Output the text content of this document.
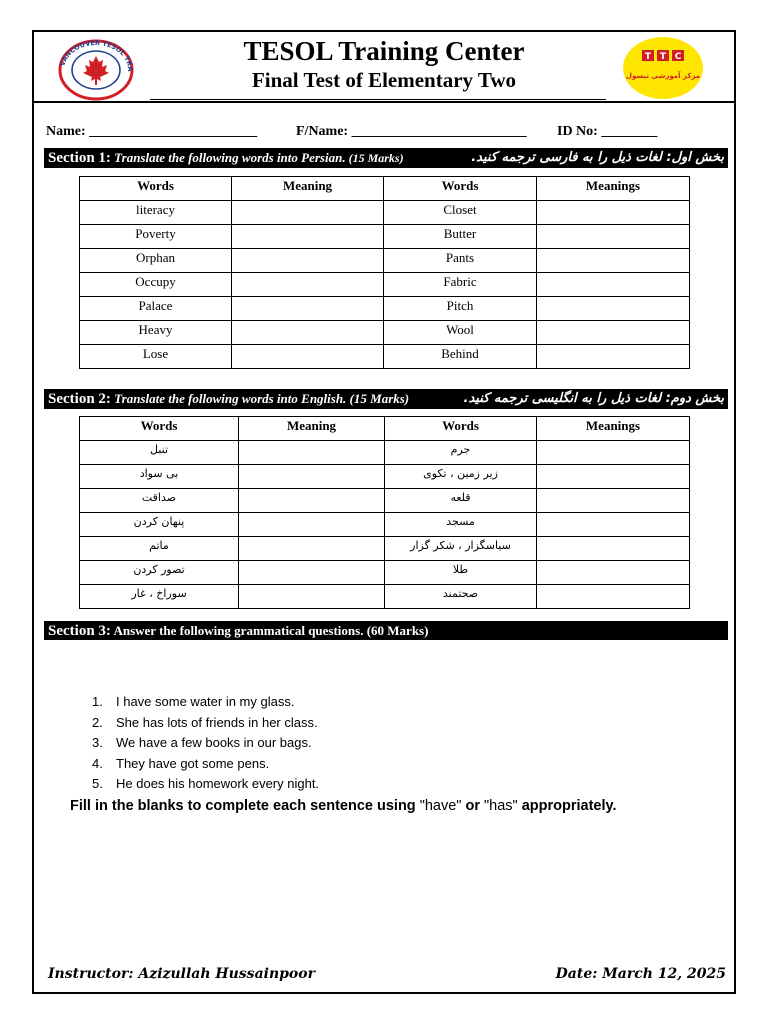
VANCOUVER TESOL TRA
T T C
مرکز آموزشی تیسول
TESOL Training Center
Final Test of Elementary Two
Name: ________________________	F/Name: _________________________ ID No: ________
Section 1: Translate the following words into Persian. (15 Marks)	بخش اول: لغات ذیل را به فارسی ترجمه کنید.
Words	Meaning	Words	Meanings
literacy		Closet	
Poverty		Butter	
Orphan		Pants	
Occupy		Fabric	
Palace		Pitch	
Heavy		Wool	
Lose		Behind	
Section 2: Translate the following words into English. (15 Marks)	بخش دوم: لغات ذیل را به انگلیسی ترجمه کنید.
Words	Meaning	Words	Meanings
تنبل		جرم	
بی سواد		زیر زمین ، تکوی	
صداقت		قلعه	
پنهان کردن		مسجد	
ماتم		سیاسگزار ، شکر گزار	
تصور کردن		طلا	
سوراخ ، غار		صحتمند	
Section 3: Answer the following grammatical questions. (60 Marks)
1. I have some water in my glass.
2. She has lots of friends in her class.
3. We have a few books in our bags.
4. They have got some pens.
5. He does his homework every night.
Fill in the blanks to complete each sentence using "have" or "has" appropriately.
Instructor: Azizullah Hussainpoor	Date: March 12, 2025
